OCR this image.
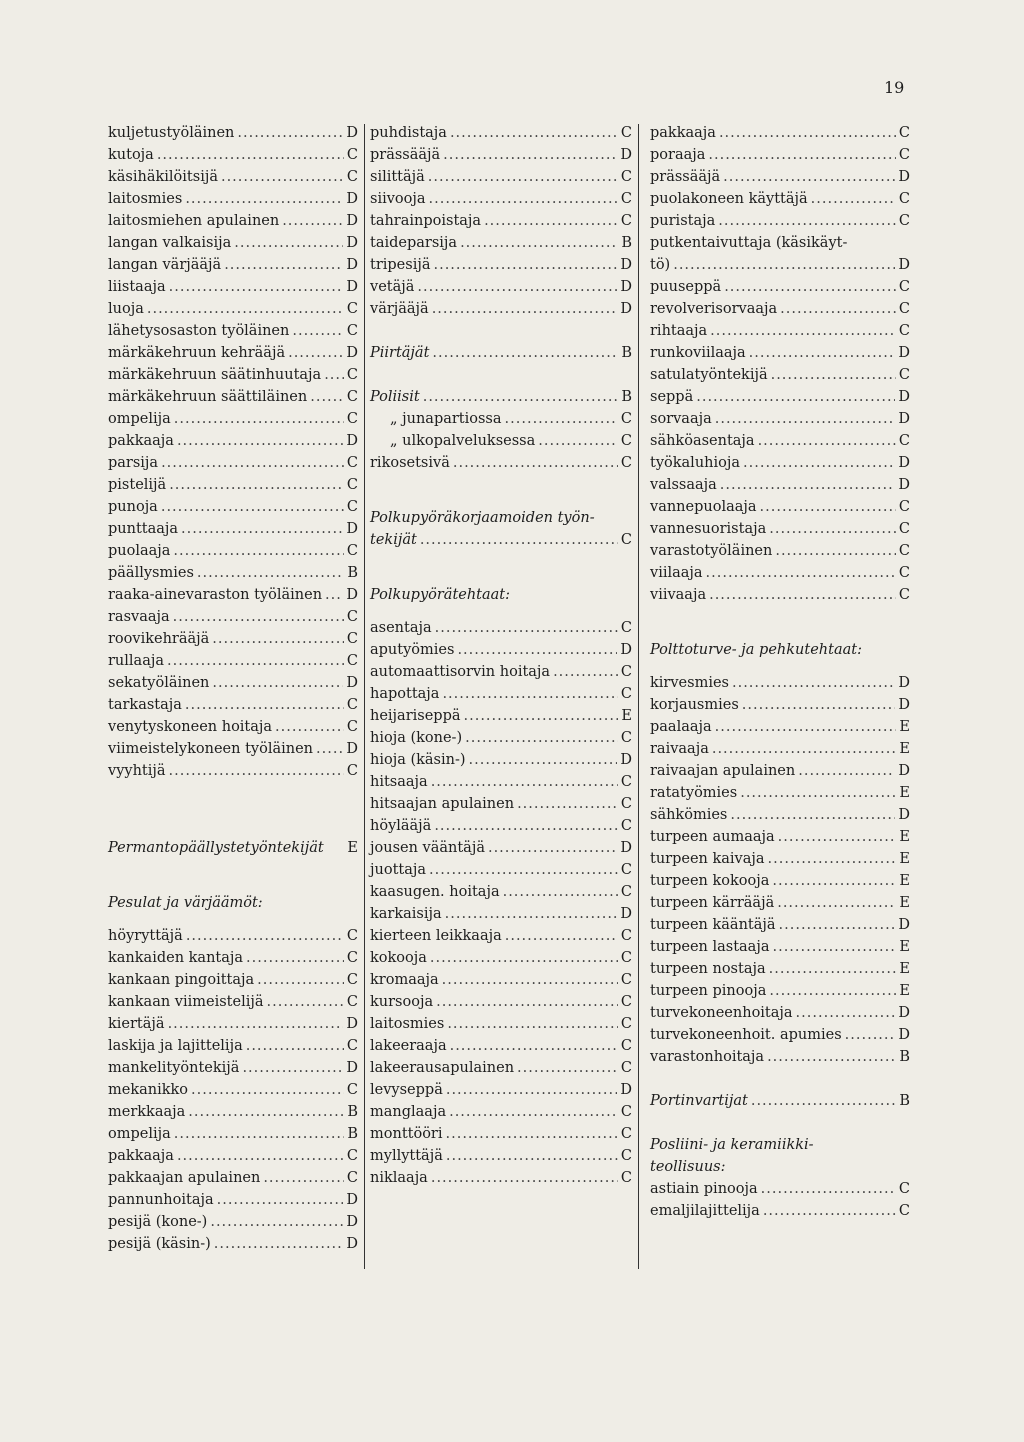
19
kuljetustyöläinen .....	D
kutoja .....	C
käsihäkilöitsijä .....	C
laitosmies .....	D
laitosmiehen apulainen .....	D
langan valkaisija .....	D
langan värjääjä .....	D
liistaaja .....	D
luoja .....	C
lähetysosaston työläinen .....	C
märkäkehruun kehrääjä .....	D
märkäkehruun säätinhuutaja ..... C
märkäkehruun säättiläinen .....	C
ompelija .....	C
pakkaaja .....	D
parsija .....	C
pistelijä .....	C
punoja .....	C
punttaaja .....	D
puolaaja .....	C
päällysmies .....	B
raaka-ainevaraston työläinen ..... D
rasvaaja .....	C
roovikehrääjä .....	C
rullaaja .....	C
sekatyöläinen .....	D
tarkastaja .....	C
venytyskoneen hoitaja .....	C
viimeistelykoneen työläinen ..... D
vyyhtijä .....	C
Permantopäällystetyöntekijät E
Pesulat ja värjäämöt:
höyryttäjä .....	C
kankaiden kantaja .....	C
kankaan pingoittaja .....	C
kankaan viimeistelijä .....	C
kiertäjä .....	D
laskija ja lajittelija .....	C
mankelityöntekijä .....	D
mekanikko .....	C
merkkaaja .....	B
ompelija .....	B
pakkaaja .....	C
pakkaajan apulainen .....	C
pannunhoitaja .....	D
pesijä (kone-) .....	D
pesijä (käsin-) .....	D
puhdistaja .....	C
prässääjä .....	D
silittäjä .....	C
siivooja .....	C
tahrainpoistaja .....	C
taideparsija .....	B
tripesijä .....	D
vetäjä .....	D
värjääjä .....	D
Piirtäjät .....	B
Poliisit .....	B
„ junapartiossa .....	C
„ ulkopalveluksessa .....	C
rikosetsivä .....	C
Polkupyöräkorjaamoiden työn-
tekijät .....	C
Polkupyörätehtaat:
asentaja .....	C
aputyömies .....	D
automaattisorvin hoitaja .....	C
hapottaja .....	C
heijariseppä .....	E
hioja (kone-) .....	C
hioja (käsin-) .....	D
hitsaaja .....	C
hitsaajan apulainen .....	C
höylääjä .....	C
jousen vääntäjä .....	D
juottaja .....	C
kaasugen. hoitaja .....	C
karkaisija .....	D
kierteen leikkaaja .....	C
kokooja .....	C
kromaaja .....	C
kursooja .....	C
laitosmies .....	C
lakeeraaja .....	C
lakeerausapulainen .....	C
levyseppä .....	D
manglaaja .....	C
monttööri .....	C
myllyttäjä .....	C
niklaaja .....	C
pakkaaja .....	C
poraaja .....	C
prässääjä .....	D
puolakoneen käyttäjä .....	C
puristaja .....	C
putkentaivuttaja (käsikäyt-
tö) .....	D
puuseppä .....	C
revolverisorvaaja .....	C
rihtaaja .....	C
runkoviilaaja .....	D
satulatyöntekijä .....	C
seppä .....	D
sorvaaja .....	D
sähköasentaja .....	C
työkaluhioja .....	D
valssaaja .....	D
vannepuolaaja .....	C
vannesuoristaja .....	C
varastotyöläinen .....	C
viilaaja .....	C
viivaaja .....	C
Polttoturve- ja pehkutehtaat:
kirvesmies .....	D
korjausmies .....	D
paalaaja .....	E
raivaaja .....	E
raivaajan apulainen .....	D
ratatyömies .....	E
sähkömies .....	D
turpeen aumaaja .....	E
turpeen kaivaja .....	E
turpeen kokooja .....	E
turpeen kärrääjä .....	E
turpeen kääntäjä .....	D
turpeen lastaaja .....	E
turpeen nostaja .....	E
turpeen pinooja .....	E
turvekoneenhoitaja .....	D
turvekoneenhoit. apumies .....	D
varastonhoitaja .....	B
Portinvartijat .....	B
Posliini- ja keramiikki-
teollisuus:
astiain pinooja .....	C
emaljilajittelija .....	C
